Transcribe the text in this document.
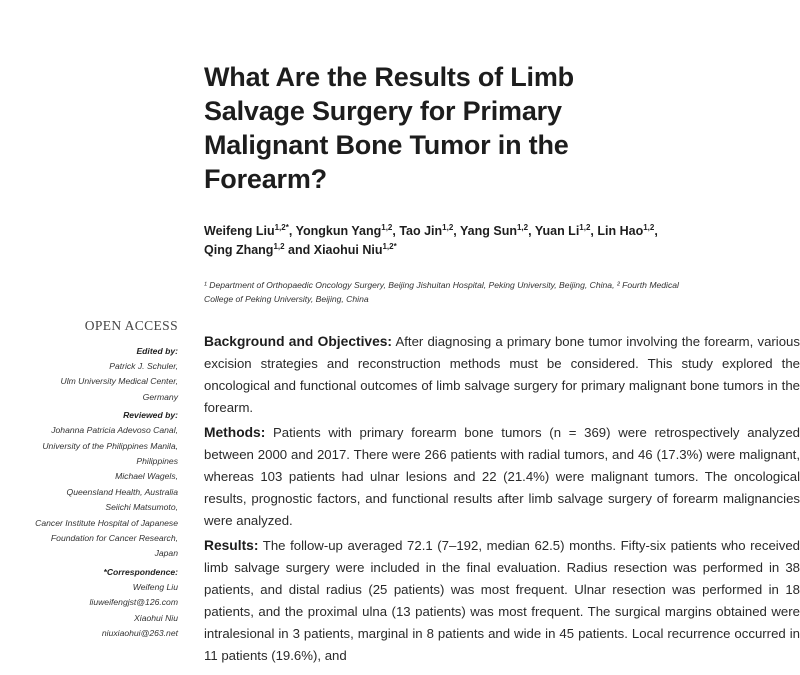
What Are the Results of Limb
Salvage Surgery for Primary
Malignant Bone Tumor in the
Forearm?
Weifeng Liu$^{1,2*}$, Yongkun Yang$^{1,2}$, Tao Jin$^{1,2}$, Yang Sun$^{1,2}$, Yuan Li$^{1,2}$, Lin Hao$^{1,2}$,
Qing Zhang$^{1,2}$ and Xiaohui Niu$^{1,2*}$
¹ Department of Orthopaedic Oncology Surgery, Beijing Jishuitan Hospital, Peking University, Beijing, China, ² Fourth Medical
College of Peking University, Beijing, China
OPEN ACCESS
Edited by:
Patrick J. Schuler,
Ulm University Medical Center,
Germany
Reviewed by:
Johanna Patricia Adevoso Canal,
University of the Philippines Manila,
Philippines
Michael Wagels,
Queensland Health, Australia
Seiichi Matsumoto,
Cancer Institute Hospital of Japanese
Foundation for Cancer Research,
Japan
*Correspondence:
Weifeng Liu
liuweifengjst@126.com
Xiaohui Niu
niuxiaohui@263.net

Background and Objectives: After diagnosing a primary bone tumor involving the forearm, various excision strategies and reconstruction methods must be considered. This study explored the oncological and functional outcomes of limb salvage surgery for primary malignant bone tumors in the forearm.

Methods: Patients with primary forearm bone tumors (n = 369) were retrospectively analyzed between 2000 and 2017. There were 266 patients with radial tumors, and 46 (17.3%) were malignant, whereas 103 patients had ulnar lesions and 22 (21.4%) were malignant tumors. The oncological results, prognostic factors, and functional results after limb salvage surgery of forearm malignancies were analyzed.

Results: The follow-up averaged 72.1 (7–192, median 62.5) months. Fifty-six patients who received limb salvage surgery were included in the final evaluation. Radius resection was performed in 38 patients, and distal radius (25 patients) was most frequent. Ulnar resection was performed in 18 patients, and the proximal ulna (13 patients) was most frequent. The surgical margins obtained were intralesional in 3 patients, marginal in 8 patients and wide in 45 patients. Local recurrence occurred in 11 patients (19.6%), and
